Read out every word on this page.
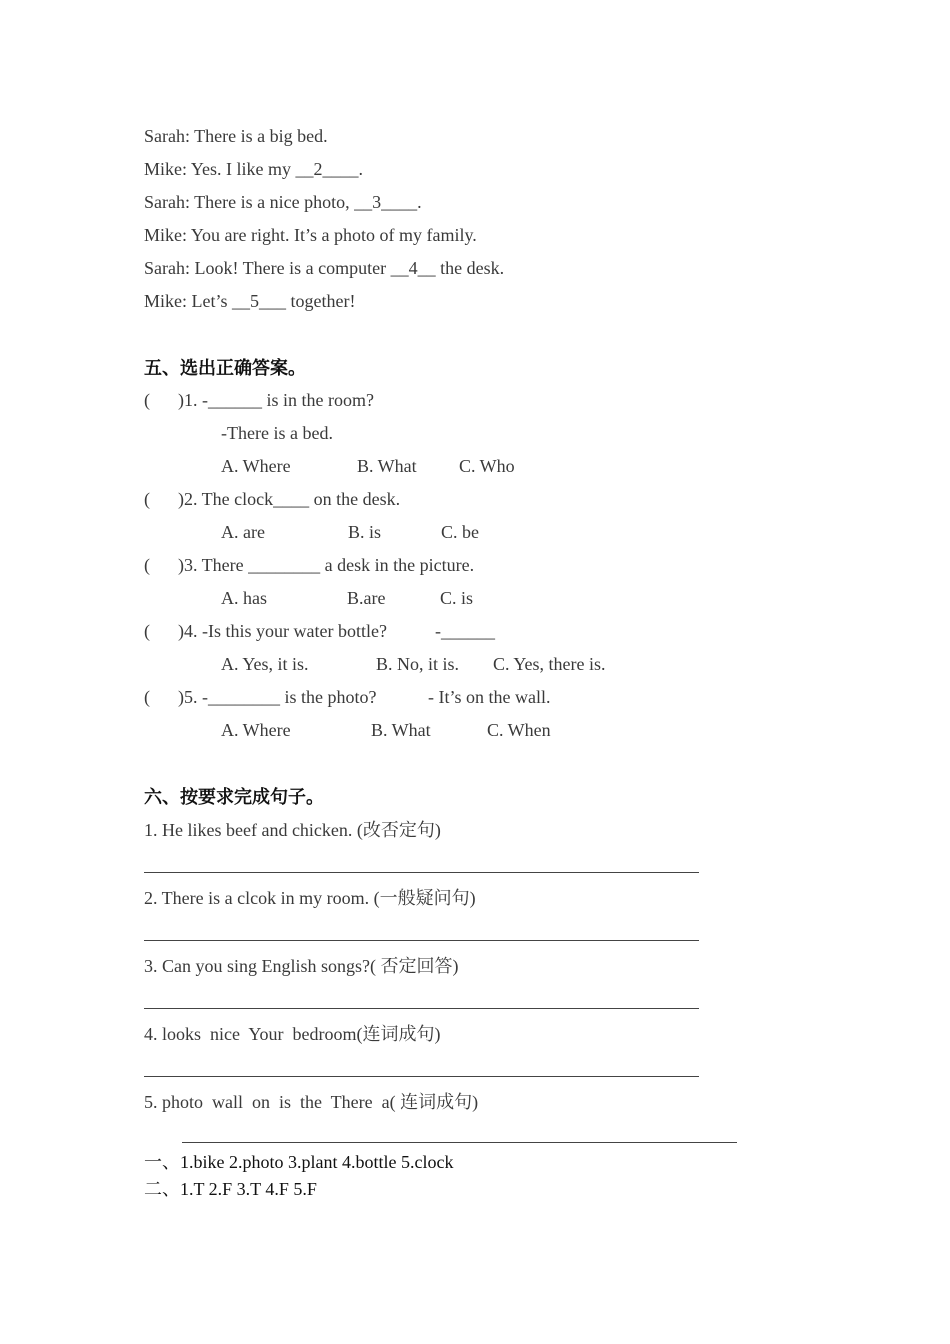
Sarah: There is a big bed.
Mike: Yes. I like my __2____.
Sarah: There is a nice photo, __3____.
Mike: You are right. It’s a photo of my family.
Sarah: Look! There is a computer __4__ the desk.
Mike: Let’s __5___ together!
五、选出正确答案。
( )1. -______ is in the room?
-There is a bed.
A. Where	B. What C. Who
( )2. The clock____ on the desk.
A. are	B. is	C. be
( )3. There ________ a desk in the picture.
A. has	B.are	C. is
( )4. -Is this your water bottle?	-______
A. Yes, it is.	B. No, it is. C. Yes, there is.
( )5. -________ is the photo?	- It’s on the wall.
A. Where	B. What	C. When
六、按要求完成句子。
1. He likes beef and chicken. (改否定句)
2. There is a clcok in my room. (一般疑问句)
3. Can you sing English songs?( 否定回答)
4. looks  nice  Your  bedroom(连词成句)
5. photo  wall  on  is  the  There  a( 连词成句)
一、1.bike 2.photo 3.plant 4.bottle 5.clock
二、1.T 2.F 3.T 4.F 5.F
